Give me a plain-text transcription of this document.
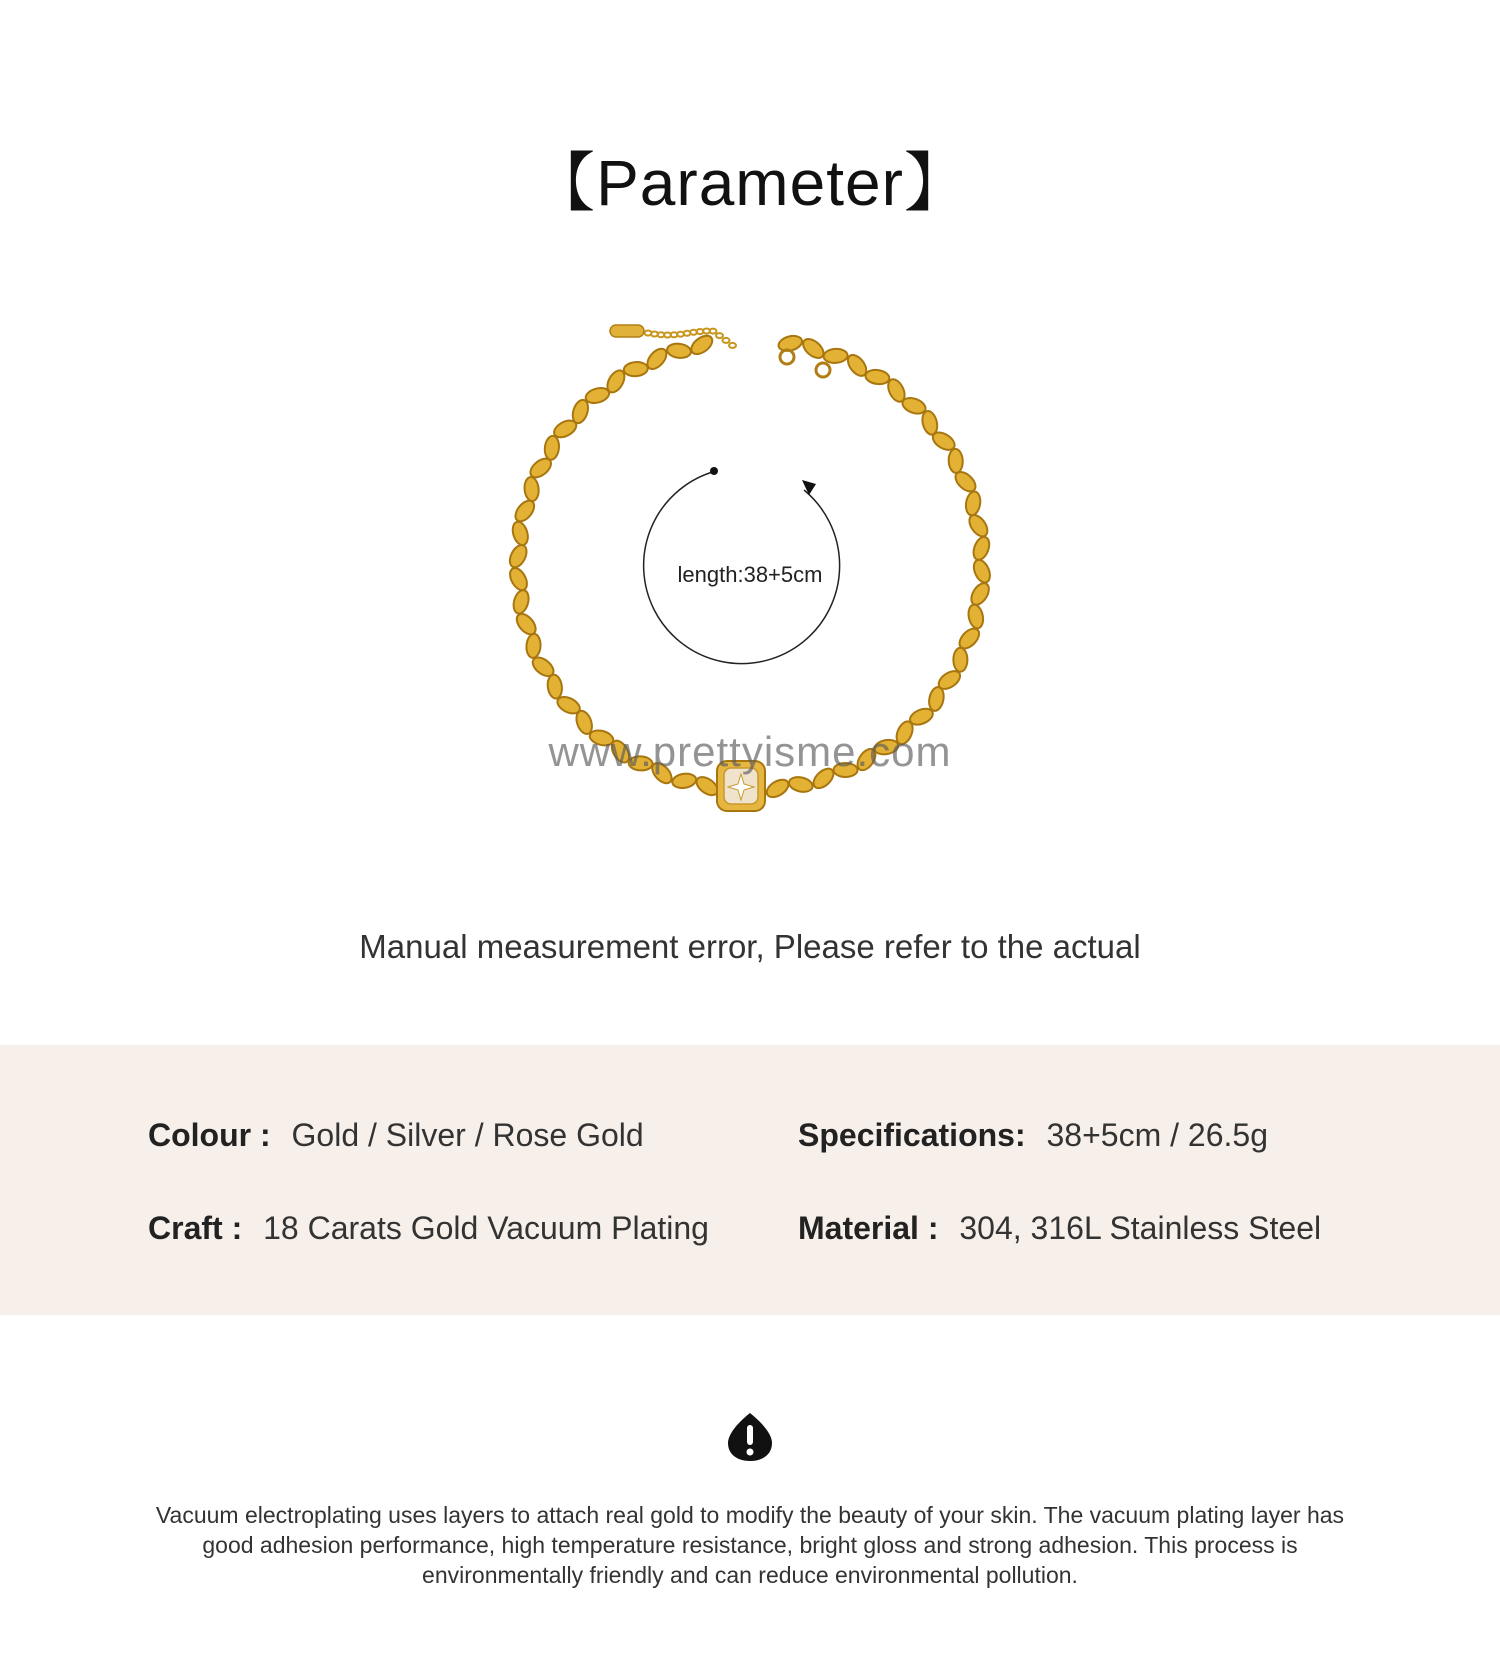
【Parameter】
length:38+5cm
www.prettyisme.com
Manual measurement error, Please refer to the actual
Colour : Gold / Silver / Rose Gold	Specifications: 38+5cm / 26.5g
Craft : 18 Carats Gold Vacuum Plating	Material : 304, 316L Stainless Steel
Vacuum electroplating uses layers to attach real gold to modify the beauty of your skin. The vacuum plating layer has good adhesion performance, high temperature resistance, bright gloss and strong adhesion. This process is environmentally friendly and can reduce environmental pollution.
